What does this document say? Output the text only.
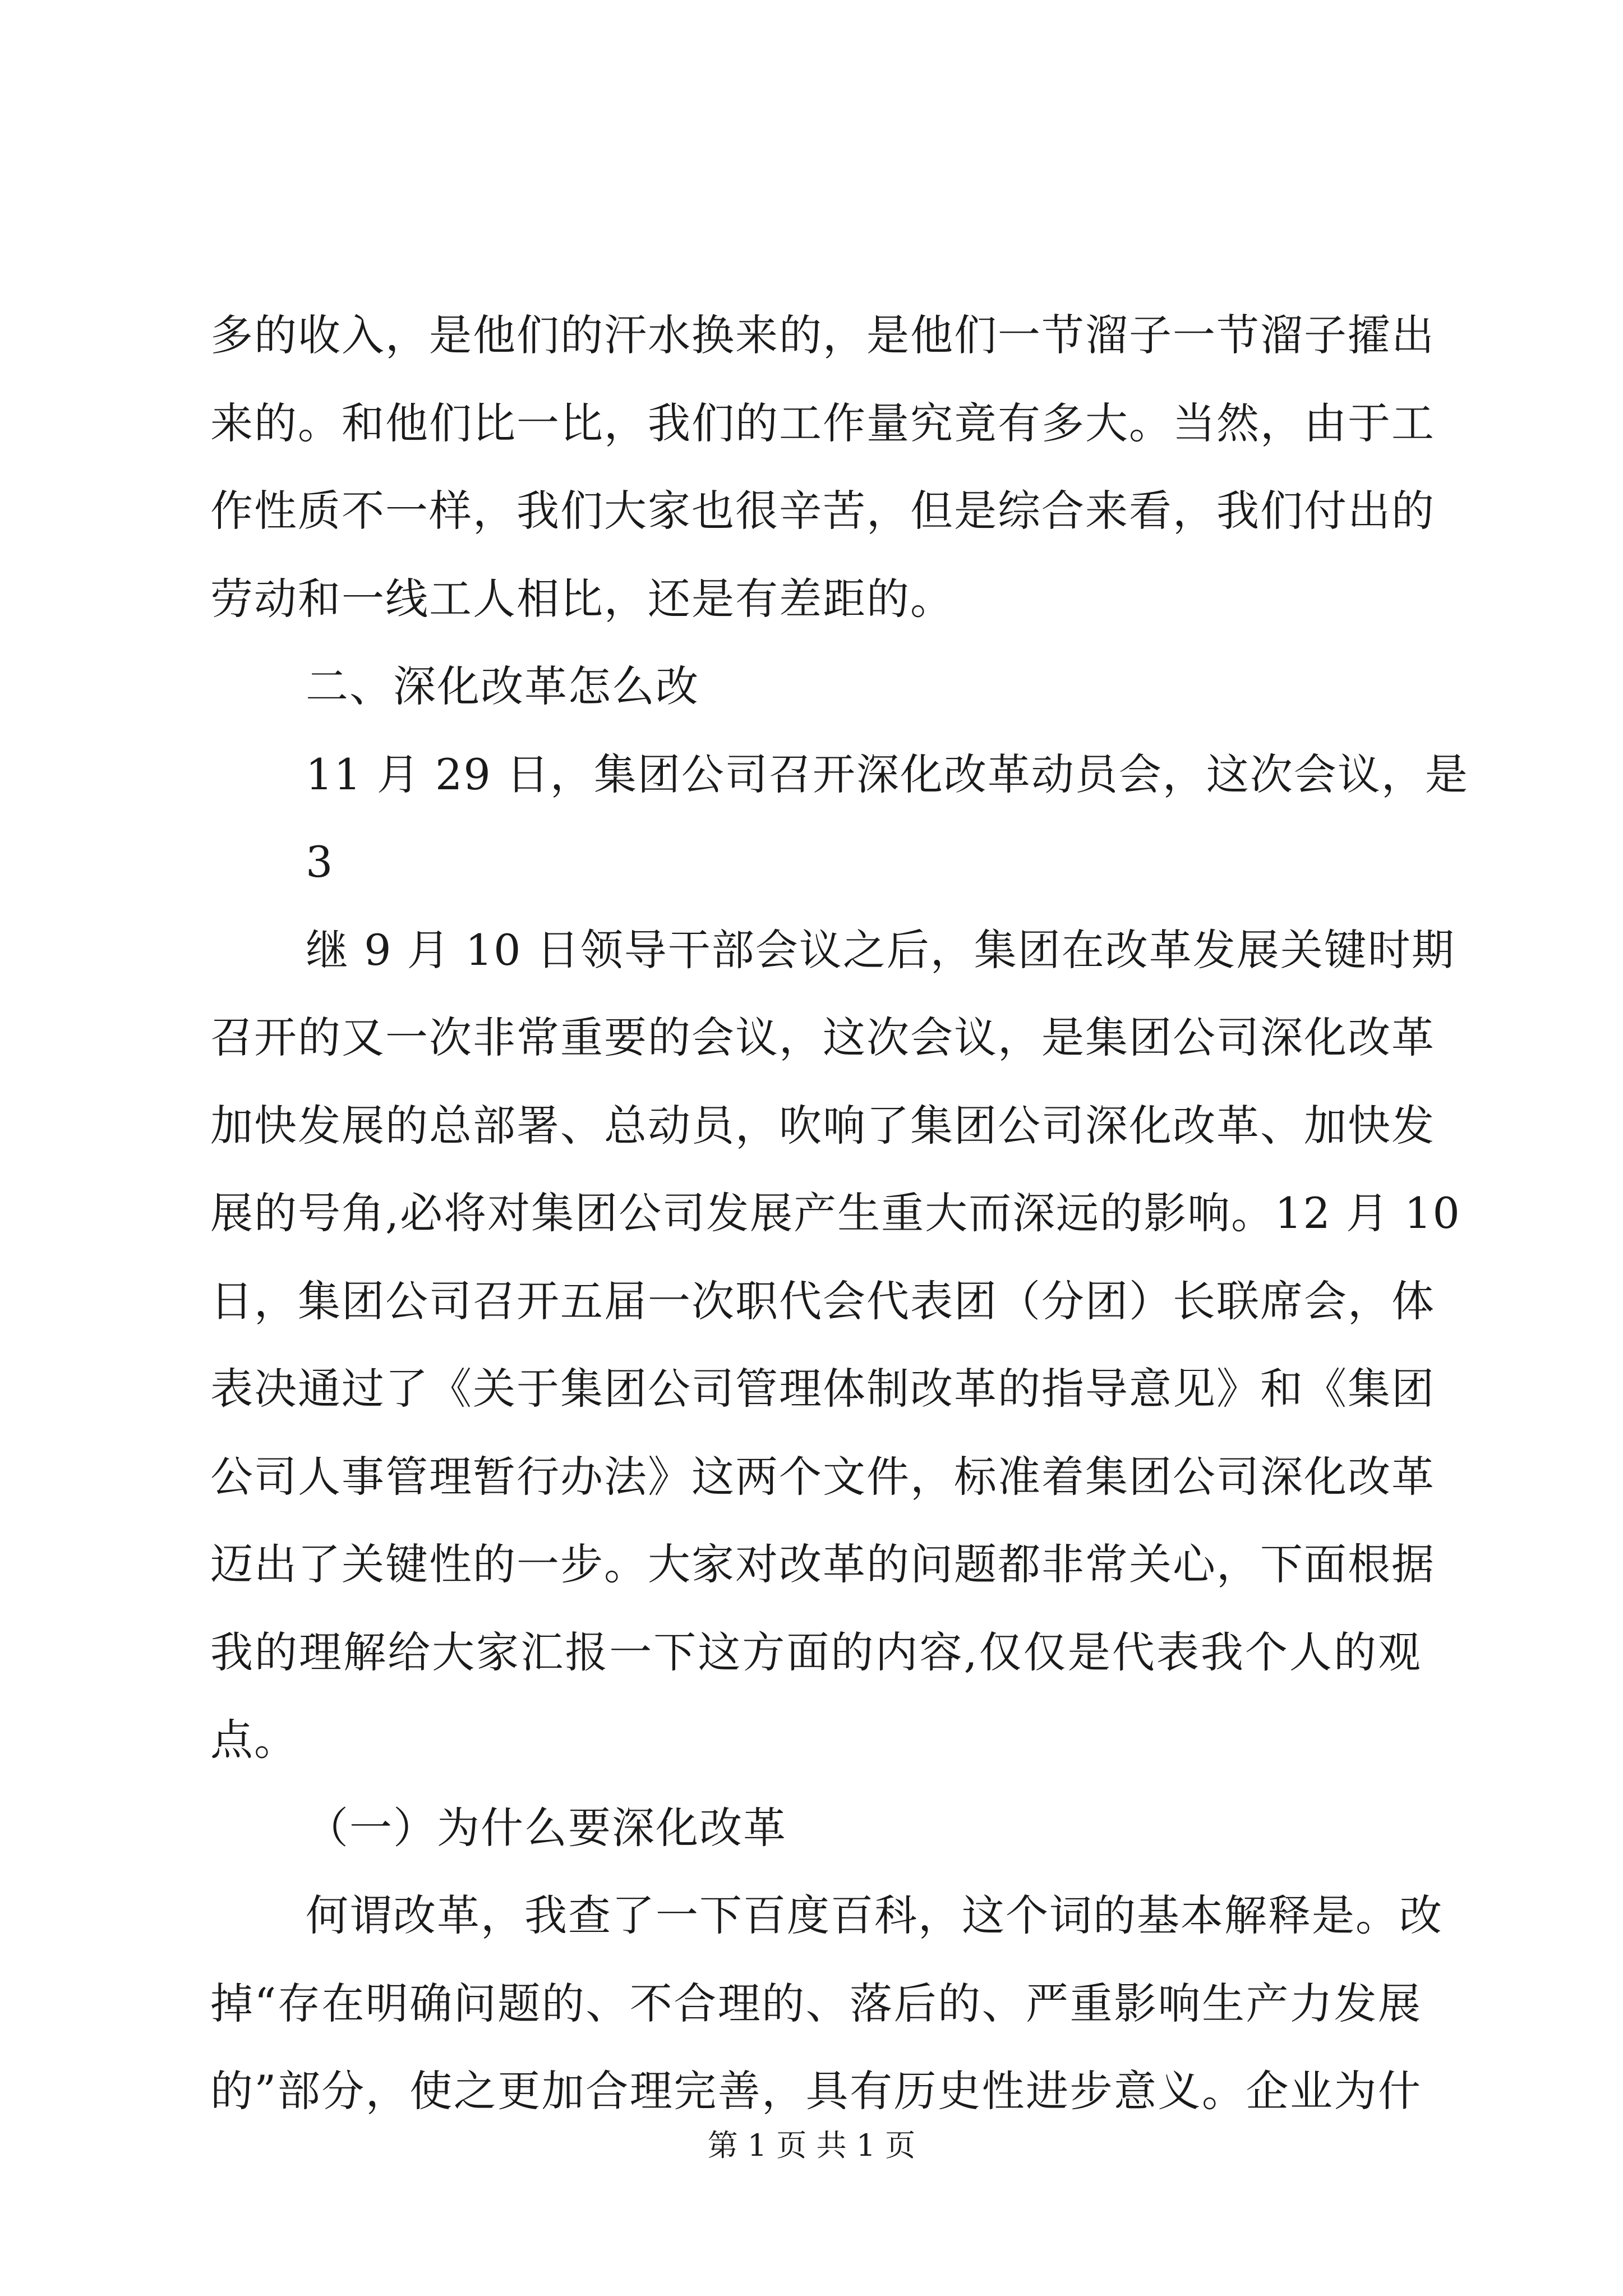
多的收入，是他们的汗水换来的，是他们一节溜子一节溜子攉出
来的。和他们比一比，我们的工作量究竟有多大。当然，由于工
作性质不一样，我们大家也很辛苦，但是综合来看，我们付出的
劳动和一线工人相比，还是有差距的。
二、深化改革怎么改
11 月 29 日，集团公司召开深化改革动员会，这次会议，是
3
继 9 月 10 日领导干部会议之后，集团在改革发展关键时期
召开的又一次非常重要的会议，这次会议，是集团公司深化改革
加快发展的总部署、总动员，吹响了集团公司深化改革、加快发
展的号角,必将对集团公司发展产生重大而深远的影响。12 月 10
日，集团公司召开五届一次职代会代表团（分团）长联席会，体
表决通过了《关于集团公司管理体制改革的指导意见》和《集团
公司人事管理暂行办法》这两个文件，标准着集团公司深化改革
迈出了关键性的一步。大家对改革的问题都非常关心，下面根据
我的理解给大家汇报一下这方面的内容,仅仅是代表我个人的观
点。
（一）为什么要深化改革
何谓改革，我查了一下百度百科，这个词的基本解释是。改
掉“存在明确问题的、不合理的、落后的、严重影响生产力发展
的”部分，使之更加合理完善，具有历史性进步意义。企业为什
第 1 页 共 1 页
